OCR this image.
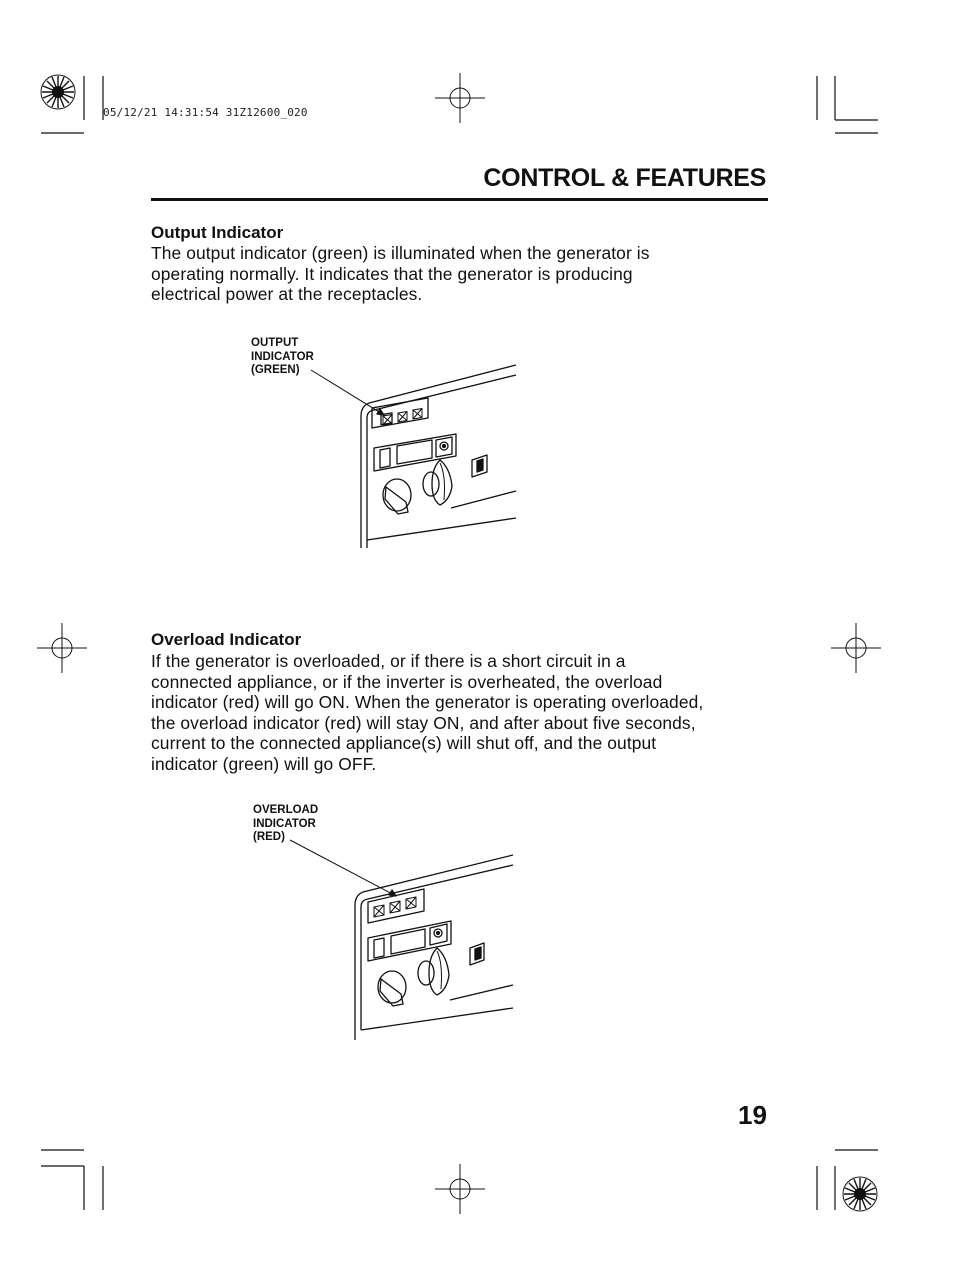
05/12/21 14:31:54 31Z12600_020
CONTROL & FEATURES
Output Indicator
The output indicator (green) is illuminated when the generator is
operating normally. It indicates that the generator is producing
electrical power at the receptacles.
OUTPUT
INDICATOR
(GREEN)
Overload Indicator
If the generator is overloaded, or if there is a short circuit in a
connected appliance, or if the inverter is overheated, the overload
indicator (red) will go ON. When the generator is operating overloaded,
the overload indicator (red) will stay ON, and after about five seconds,
current to the connected appliance(s) will shut off, and the output
indicator (green) will go OFF.
OVERLOAD
INDICATOR
(RED)
19
